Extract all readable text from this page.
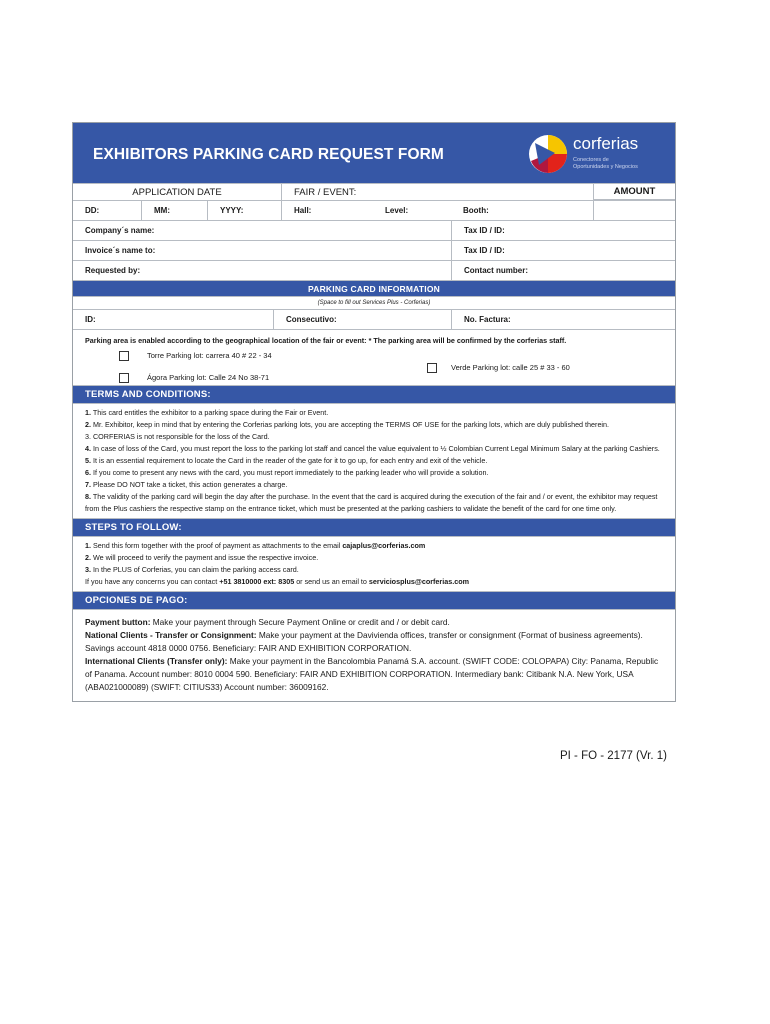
EXHIBITORS PARKING CARD REQUEST FORM
corferias
Conectores de Oportunidades y Negocios
APPLICATION DATE	FAIR / EVENT:	AMOUNT
DD:	MM:	YYYY:	Hall:	Level:	Booth:
Company´s name:	Tax ID / ID:
Invoice´s name to:	Tax ID / ID:
Requested by:	Contact number:
PARKING CARD INFORMATION
(Space to fill out Services Plus - Corferias)
ID:	Consecutivo:	No. Factura:
Parking area is enabled according to the geographical location of the fair or event: * The parking area will be confirmed by the corferias staff.
Torre Parking lot: carrera 40 # 22 - 34
Verde Parking lot: calle 25 # 33 - 60
Ágora Parking lot: Calle 24 No 38-71
TERMS AND CONDITIONS:
1. This card entitles the exhibitor to a parking space during the Fair or Event.
2. Mr. Exhibitor, keep in mind that by entering the Corferias parking lots, you are accepting the TERMS OF USE for the parking lots, which are duly published therein.
3. CORFERIAS is not responsible for the loss of the Card.
4. In case of loss of the Card, you must report the loss to the parking lot staff and cancel the value equivalent to ½ Colombian Current Legal Minimum Salary at the parking Cashiers.
5. It is an essential requirement to locate the Card in the reader of the gate for it to go up, for each entry and exit of the vehicle.
6. If you come to present any news with the card, you must report immediately to the parking leader who will provide a solution.
7. Please DO NOT take a ticket, this action generates a charge.
8. The validity of the parking card will begin the day after the purchase. In the event that the card is acquired during the execution of the fair and / or event, the exhibitor may request from the Plus cashiers the respective stamp on the entrance ticket, which must be presented at the parking cashiers to validate the benefit of the card for one time only.
STEPS TO FOLLOW:
1. Send this form together with the proof of payment as attachments to the email cajaplus@corferias.com
2. We will proceed to verify the payment and issue the respective invoice.
3. In the PLUS of Corferias, you can claim the parking access card.
If you have any concerns you can contact +51 3810000 ext: 8305 or send us an email to serviciosplus@corferias.com
OPCIONES DE PAGO:
Payment button: Make your payment through Secure Payment Online or credit and / or debit card.
National Clients - Transfer or Consignment: Make your payment at the Davivienda offices, transfer or consignment (Format of business agreements). Savings account 4818 0000 0756. Beneficiary: FAIR AND EXHIBITION CORPORATION.
International Clients (Transfer only): Make your payment in the Bancolombia Panamá S.A. account. (SWIFT CODE: COLOPAPA) City: Panama, Republic of Panama. Account number: 8010 0004 590. Beneficiary: FAIR AND EXHIBITION CORPORATION. Intermediary bank: Citibank N.A. New York, USA (ABA021000089) (SWIFT: CITIUS33) Account number: 36009162.
PI - FO - 2177 (Vr. 1)
